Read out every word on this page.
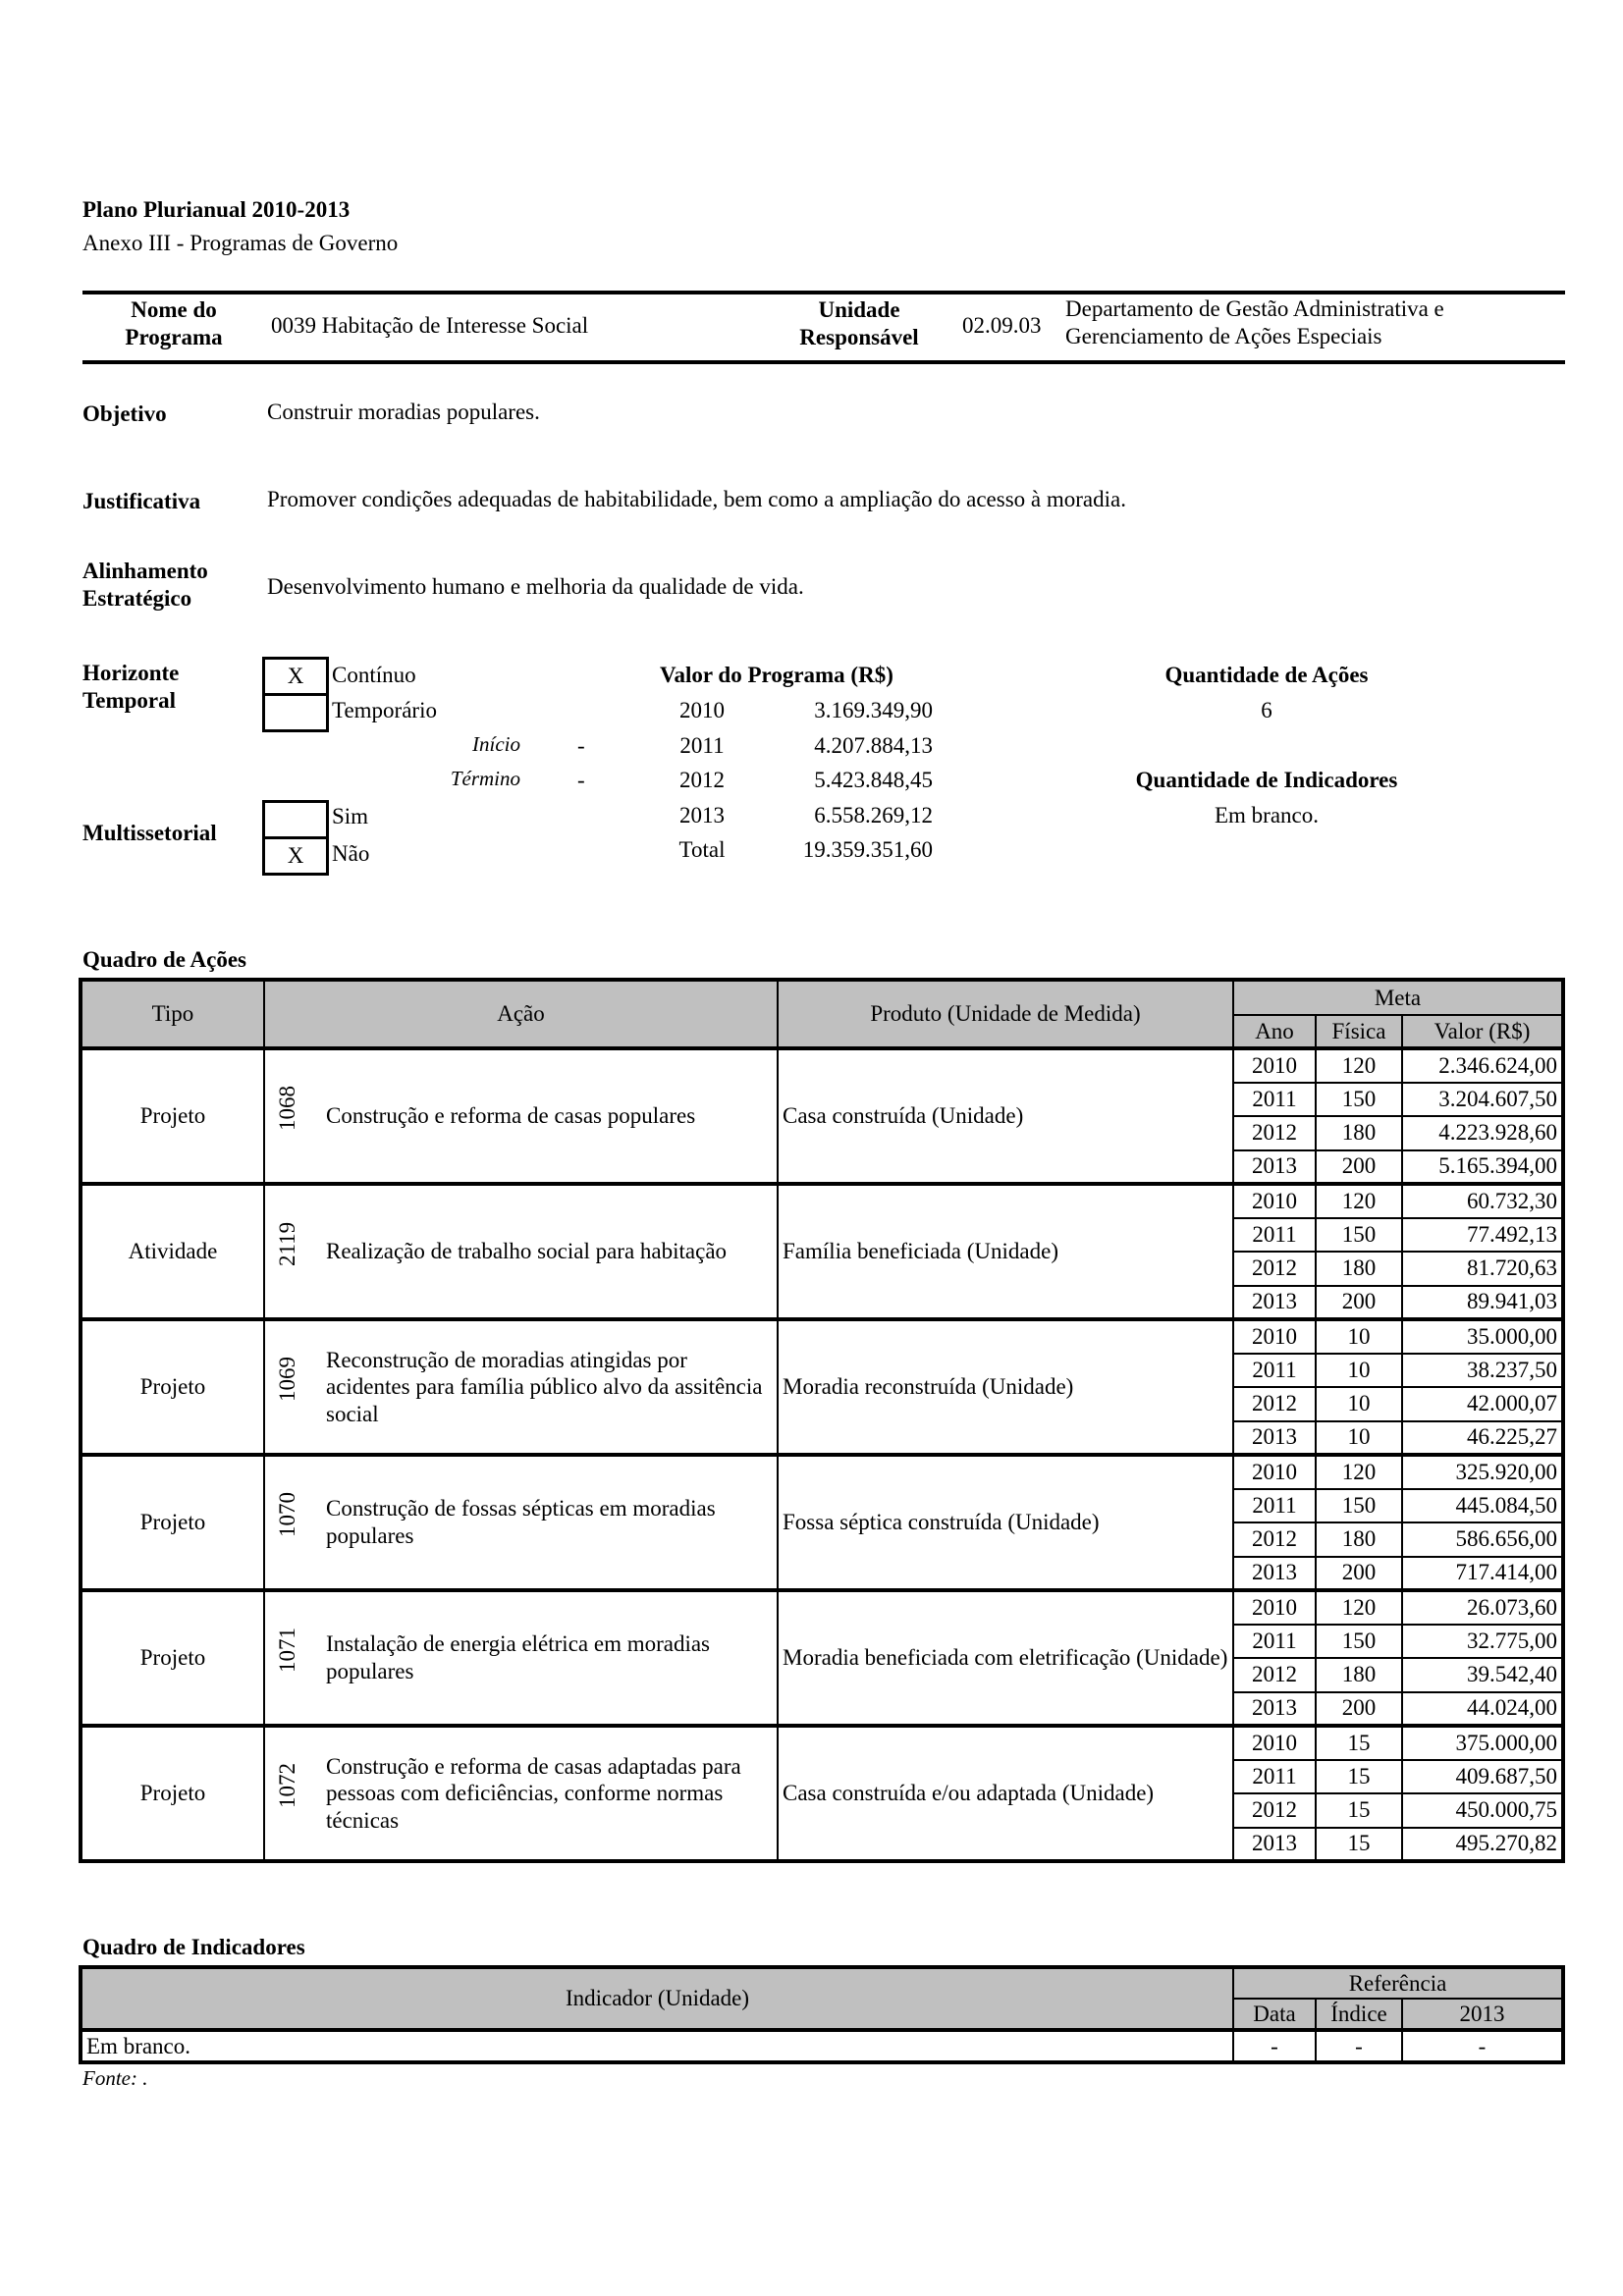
Plano Plurianual 2010-2013
Anexo III - Programas de Governo
Nome do
Programa	0039 Habitação de Interesse Social
Unidade
Responsável	02.09.03
Departamento de Gestão Administrativa e
Gerenciamento de Ações Especiais
Objetivo	Construir moradias populares.
Justificativa	Promover condições adequadas de habitabilidade, bem como a ampliação do acesso à moradia.
Alinhamento
Estratégico	Desenvolvimento humano e melhoria da qualidade de vida.
Horizonte
Temporal
X	Contínuo
Temporário
Início	-
Término	-
Multissetorial
Sim
X	Não
Valor do Programa (R$)
2010	3.169.349,90
2011	4.207.884,13
2012	5.423.848,45
2013	6.558.269,12
Total	19.359.351,60
Quantidade de Ações
6
Quantidade de Indicadores
Em branco.
Quadro de Ações
Tipo	Ação	Produto (Unidade de Medida)	Meta		
			Ano	Física	Valor (R$)
Projeto	1068 Construção e reforma de casas populares	Casa construída (Unidade)	2010	120	2.346.624,00
			2011	150	3.204.607,50
			2012	180	4.223.928,60
			2013	200	5.165.394,00
Atividade	2119 Realização de trabalho social para habitação	Família beneficiada (Unidade)	2010	120	60.732,30
			2011	150	77.492,13
			2012	180	81.720,63
			2013	200	89.941,03
Projeto	1069 Reconstrução de moradias atingidas por acidentes para família público alvo da assitência social	Moradia reconstruída (Unidade)	2010	10	35.000,00
			2011	10	38.237,50
			2012	10	42.000,07
			2013	10	46.225,27
Projeto	1070 Construção de fossas sépticas em moradias populares	Fossa séptica construída (Unidade)	2010	120	325.920,00
			2011	150	445.084,50
			2012	180	586.656,00
			2013	200	717.414,00
Projeto	1071 Instalação de energia elétrica em moradias populares	Moradia beneficiada com eletrificação (Unidade)	2010	120	26.073,60
			2011	150	32.775,00
			2012	180	39.542,40
			2013	200	44.024,00
Projeto	1072 Construção e reforma de casas adaptadas para pessoas com deficiências, conforme normas técnicas	Casa construída e/ou adaptada (Unidade)	2010	15	375.000,00
			2011	15	409.687,50
			2012	15	450.000,75
			2013	15	495.270,82
Quadro de Indicadores
Indicador (Unidade)	Referência		
	Data	Índice	2013
Em branco.	-	-	-
Fonte: .
